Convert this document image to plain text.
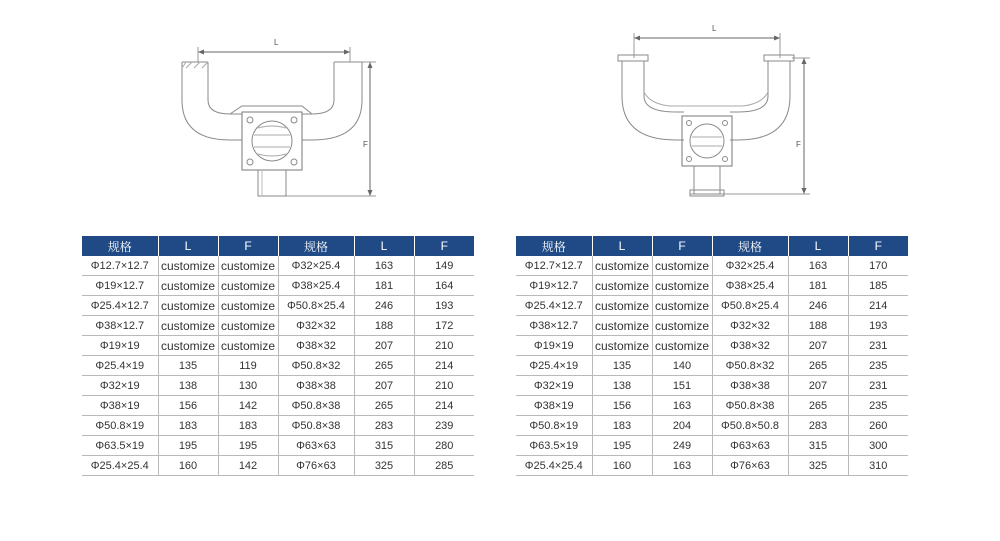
L
F
L
F
规格	L	F	规格	L	F
Φ12.7×12.7	customize	customize	Φ32×25.4	163	149
Φ19×12.7	customize	customize	Φ38×25.4	181	164
Φ25.4×12.7	customize	customize	Φ50.8×25.4	246	193
Φ38×12.7	customize	customize	Φ32×32	188	172
Φ19×19	customize	customize	Φ38×32	207	210
Φ25.4×19	135	119	Φ50.8×32	265	214
Φ32×19	138	130	Φ38×38	207	210
Φ38×19	156	142	Φ50.8×38	265	214
Φ50.8×19	183	183	Φ50.8×38	283	239
Φ63.5×19	195	195	Φ63×63	315	280
Φ25.4×25.4	160	142	Φ76×63	325	285
规格	L	F	规格	L	F
Φ12.7×12.7	customize	customize	Φ32×25.4	163	170
Φ19×12.7	customize	customize	Φ38×25.4	181	185
Φ25.4×12.7	customize	customize	Φ50.8×25.4	246	214
Φ38×12.7	customize	customize	Φ32×32	188	193
Φ19×19	customize	customize	Φ38×32	207	231
Φ25.4×19	135	140	Φ50.8×32	265	235
Φ32×19	138	151	Φ38×38	207	231
Φ38×19	156	163	Φ50.8×38	265	235
Φ50.8×19	183	204	Φ50.8×50.8	283	260
Φ63.5×19	195	249	Φ63×63	315	300
Φ25.4×25.4	160	163	Φ76×63	325	310
